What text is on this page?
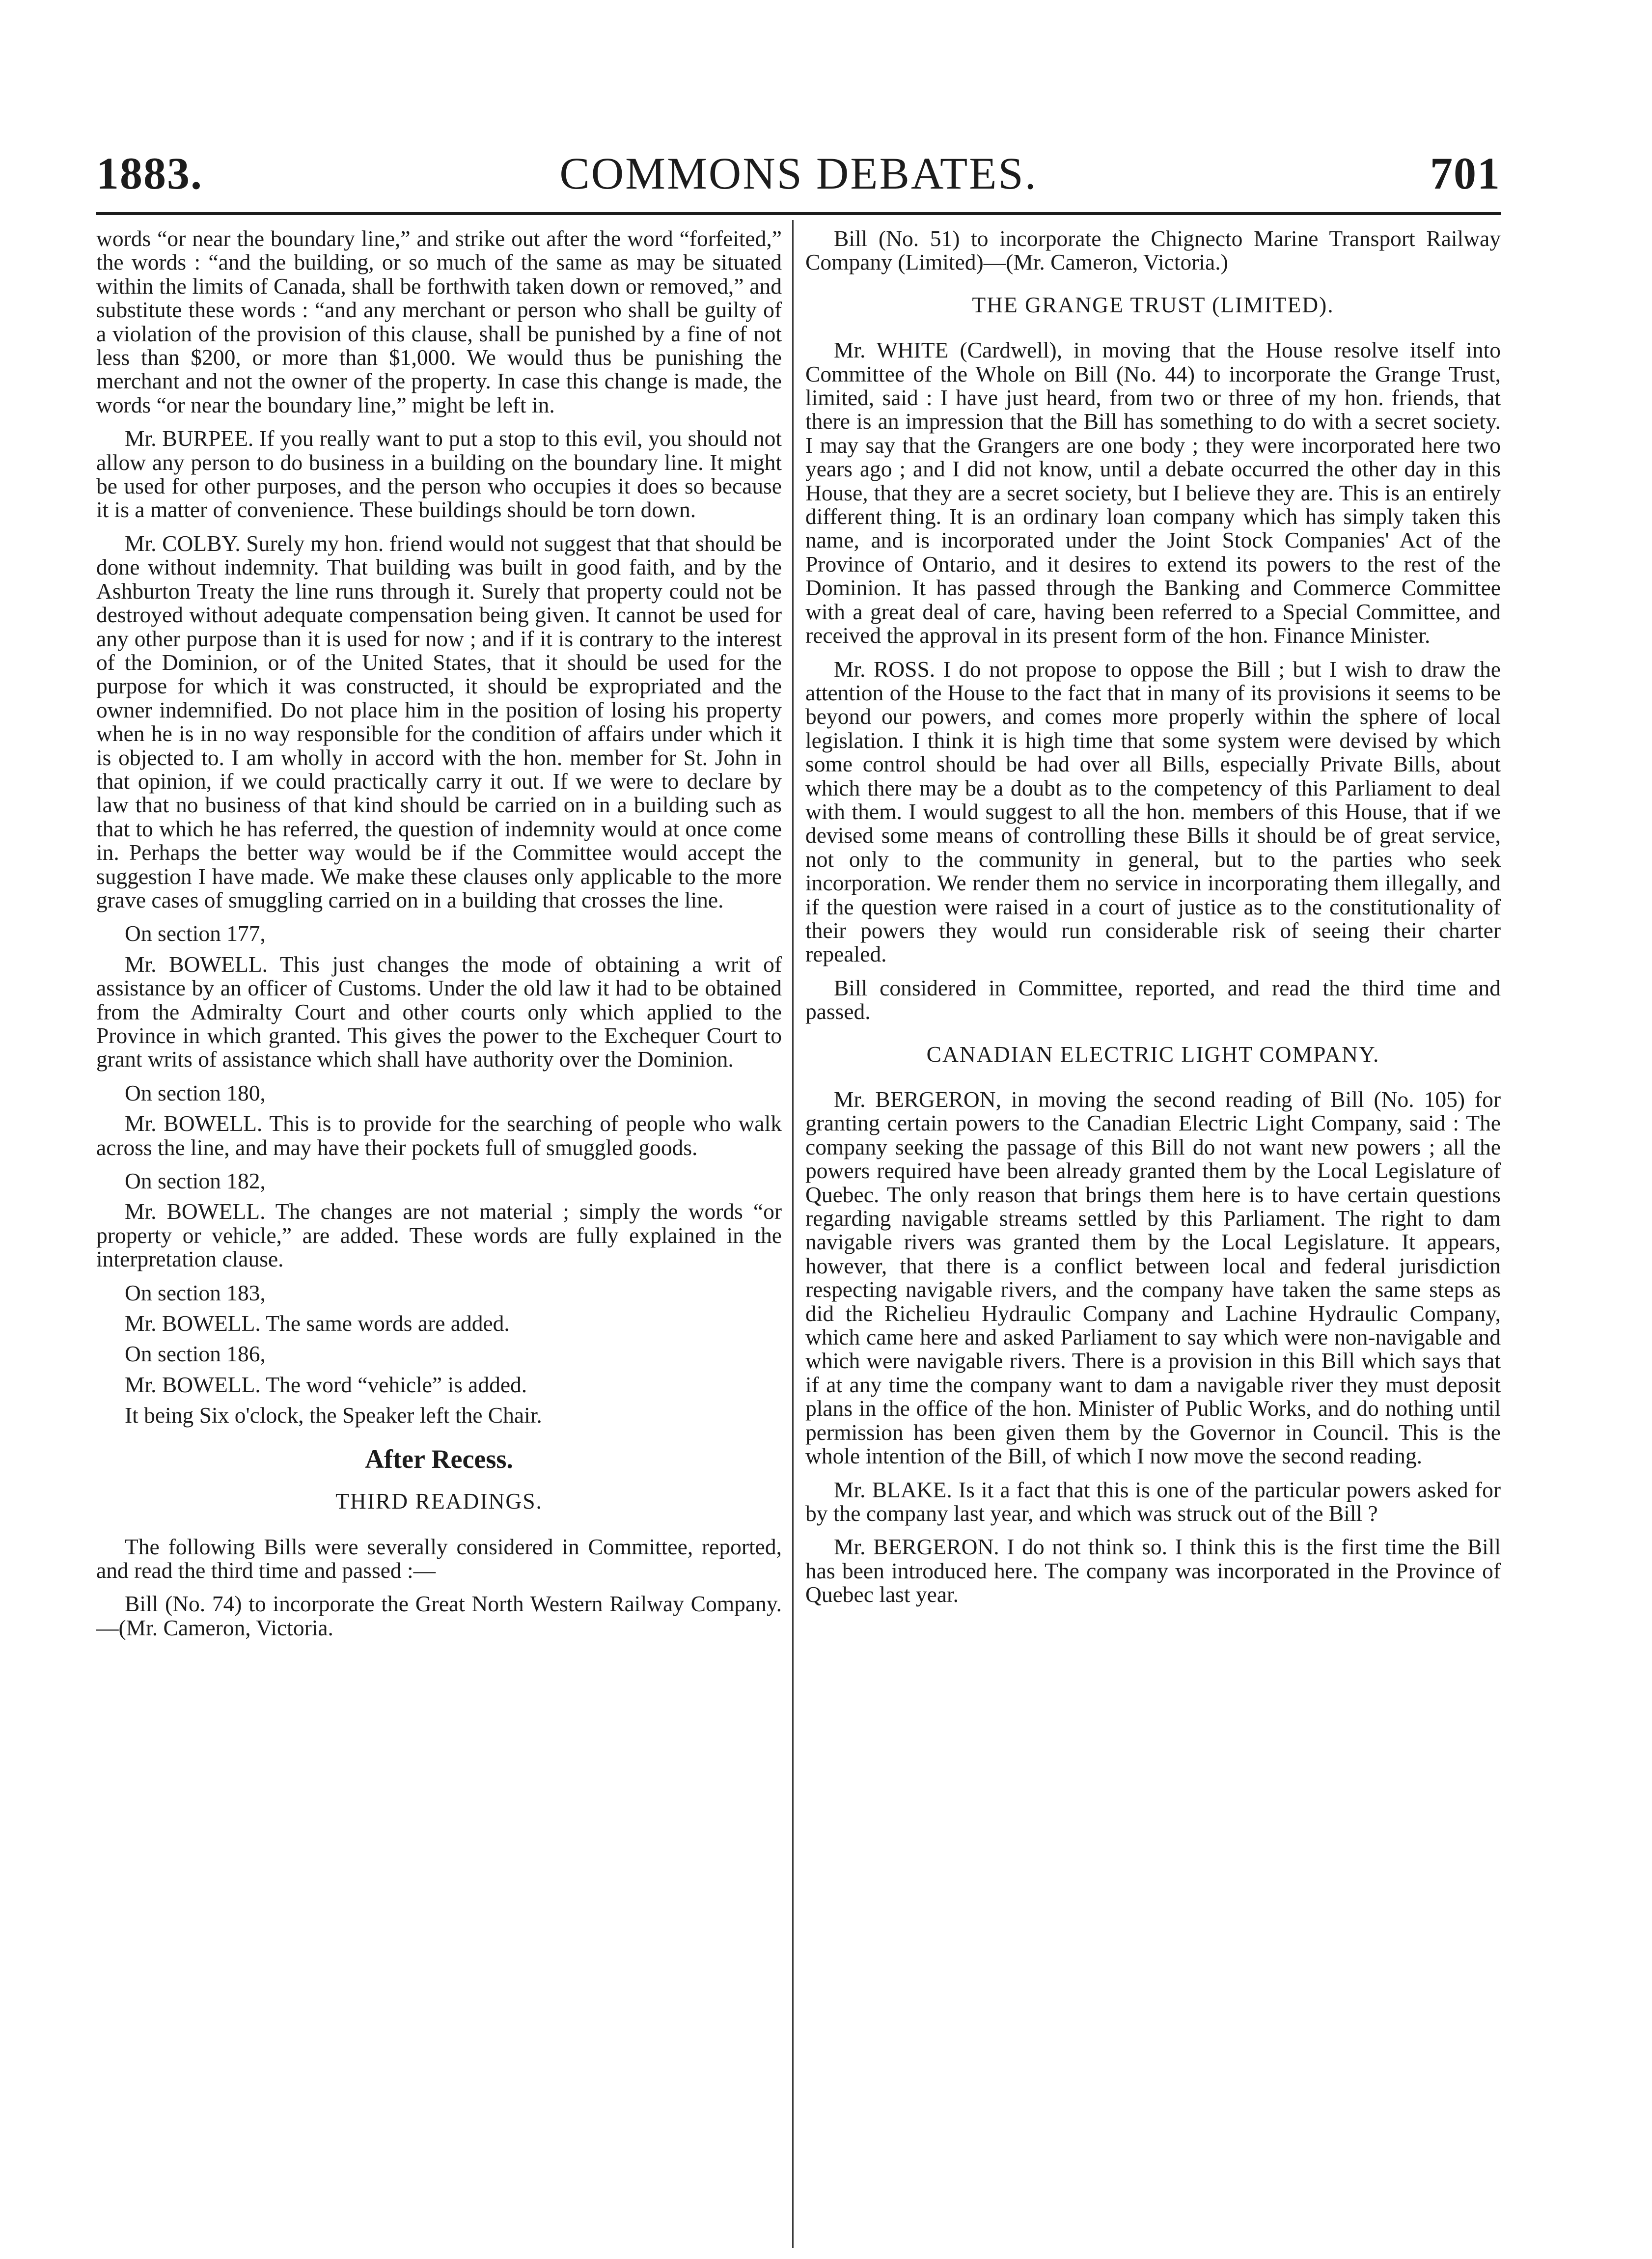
COMMONS DEBATES.
1883.	701

words “or near the boundary line,” and strike out after the word “forfeited,” the words : “and the building, or so much of the same as may be situated within the limits of Canada, shall be forthwith taken down or removed,” and substitute these words : “and any merchant or person who shall be guilty of a violation of the provision of this clause, shall be punished by a fine of not less than $200, or more than $1,000. We would thus be punishing the merchant and not the owner of the property. In case this change is made, the words “or near the boundary line,” might be left in.

Mr. BURPEE. If you really want to put a stop to this evil, you should not allow any person to do business in a building on the boundary line. It might be used for other purposes, and the person who occupies it does so because it is a matter of convenience. These buildings should be torn down.

Mr. COLBY. Surely my hon. friend would not suggest that that should be done without indemnity. That building was built in good faith, and by the Ashburton Treaty the line runs through it. Surely that property could not be destroyed without adequate compensation being given. It cannot be used for any other purpose than it is used for now ; and if it is contrary to the interest of the Dominion, or of the United States, that it should be used for the purpose for which it was constructed, it should be expropriated and the owner indemnified. Do not place him in the position of losing his property when he is in no way responsible for the condition of affairs under which it is objected to. I am wholly in accord with the hon. member for St. John in that opinion, if we could practically carry it out. If we were to declare by law that no business of that kind should be carried on in a building such as that to which he has referred, the question of indemnity would at once come in. Perhaps the better way would be if the Committee would accept the suggestion I have made. We make these clauses only applicable to the more grave cases of smuggling carried on in a building that crosses the line.

On section 177,

Mr. BOWELL. This just changes the mode of obtaining a writ of assistance by an officer of Customs. Under the old law it had to be obtained from the Admiralty Court and other courts only which applied to the Province in which granted. This gives the power to the Exchequer Court to grant writs of assistance which shall have authority over the Dominion.

On section 180,

Mr. BOWELL. This is to provide for the searching of people who walk across the line, and may have their pockets full of smuggled goods.

On section 182,

Mr. BOWELL. The changes are not material ; simply the words “or property or vehicle,” are added. These words are fully explained in the interpretation clause.

On section 183,

Mr. BOWELL. The same words are added.

On section 186,

Mr. BOWELL. The word “vehicle” is added.

It being Six o'clock, the Speaker left the Chair.

After Recess.
THIRD READINGS.

The following Bills were severally considered in Committee, reported, and read the third time and passed :—

Bill (No. 74) to incorporate the Great North Western Railway Company.—(Mr. Cameron, Victoria.

Bill (No. 51) to incorporate the Chignecto Marine Transport Railway Company (Limited)—(Mr. Cameron, Victoria.)

THE GRANGE TRUST (LIMITED).

Mr. WHITE (Cardwell), in moving that the House resolve itself into Committee of the Whole on Bill (No. 44) to incorporate the Grange Trust, limited, said : I have just heard, from two or three of my hon. friends, that there is an impression that the Bill has something to do with a secret society. I may say that the Grangers are one body ; they were incorporated here two years ago ; and I did not know, until a debate occurred the other day in this House, that they are a secret society, but I believe they are. This is an entirely different thing. It is an ordinary loan company which has simply taken this name, and is incorporated under the Joint Stock Companies' Act of the Province of Ontario, and it desires to extend its powers to the rest of the Dominion. It has passed through the Banking and Commerce Committee with a great deal of care, having been referred to a Special Committee, and received the approval in its present form of the hon. Finance Minister.

Mr. ROSS. I do not propose to oppose the Bill ; but I wish to draw the attention of the House to the fact that in many of its provisions it seems to be beyond our powers, and comes more properly within the sphere of local legislation. I think it is high time that some system were devised by which some control should be had over all Bills, especially Private Bills, about which there may be a doubt as to the competency of this Parliament to deal with them. I would suggest to all the hon. members of this House, that if we devised some means of controlling these Bills it should be of great service, not only to the community in general, but to the parties who seek incorporation. We render them no service in incorporating them illegally, and if the question were raised in a court of justice as to the constitutionality of their powers they would run considerable risk of seeing their charter repealed.

Bill considered in Committee, reported, and read the third time and passed.

CANADIAN ELECTRIC LIGHT COMPANY.

Mr. BERGERON, in moving the second reading of Bill (No. 105) for granting certain powers to the Canadian Electric Light Company, said : The company seeking the passage of this Bill do not want new powers ; all the powers required have been already granted them by the Local Legislature of Quebec. The only reason that brings them here is to have certain questions regarding navigable streams settled by this Parliament. The right to dam navigable rivers was granted them by the Local Legislature. It appears, however, that there is a conflict between local and federal jurisdiction respecting navigable rivers, and the company have taken the same steps as did the Richelieu Hydraulic Company and Lachine Hydraulic Company, which came here and asked Parliament to say which were non-navigable and which were navigable rivers. There is a provision in this Bill which says that if at any time the company want to dam a navigable river they must deposit plans in the office of the hon. Minister of Public Works, and do nothing until permission has been given them by the Governor in Council. This is the whole intention of the Bill, of which I now move the second reading.

Mr. BLAKE. Is it a fact that this is one of the particular powers asked for by the company last year, and which was struck out of the Bill ?

Mr. BERGERON. I do not think so. I think this is the first time the Bill has been introduced here. The company was incorporated in the Province of Quebec last year.
